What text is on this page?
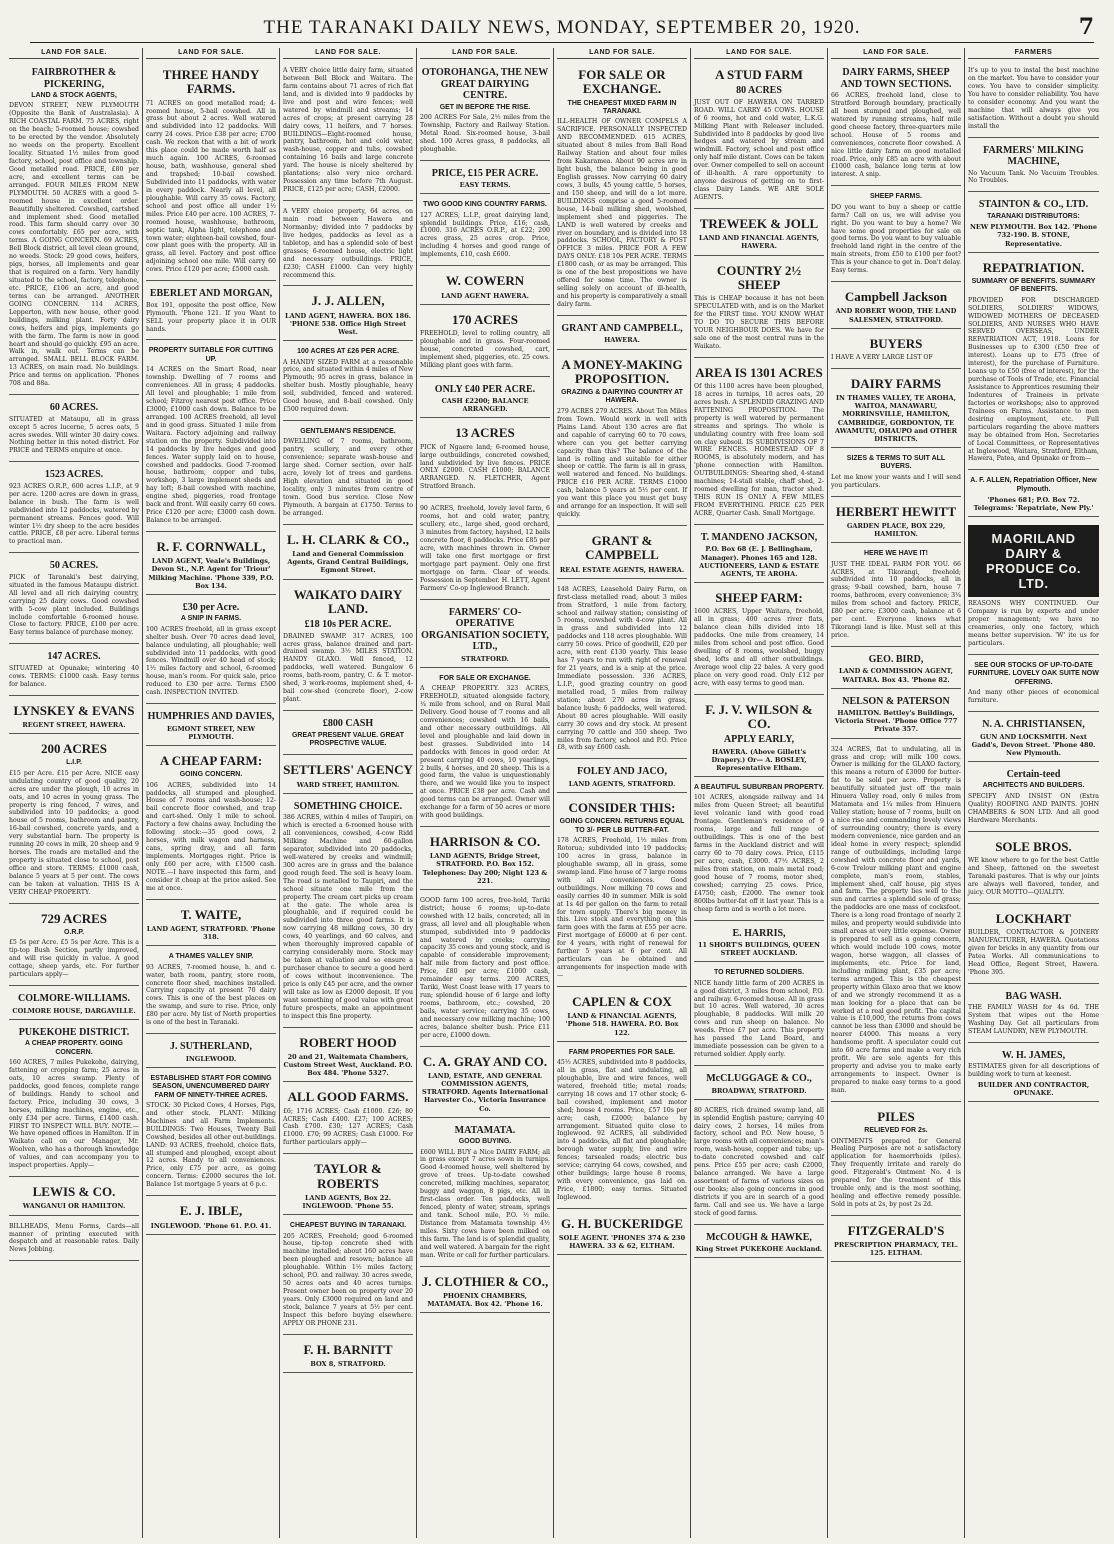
THE TARANAKI DAILY NEWS, MONDAY, SEPTEMBER 20, 1920.	7
LAND FOR SALE.
FAIRBROTHER & PICKERING,
LAND & STOCK AGENTS,
DEVON STREET, NEW PLYMOUTH (Opposite the Bank of Australasia). A RICH COASTAL FARM. 75 ACRES, right on the beach; 5-roomed house; cowshed to be erected by the vendor. Absolutely no weeds on the property. Excellent locality. Situated 1½ miles from good factory, school, post office and township. Good metalled road. PRICE, £80 per acre, and excellent terms can be arranged. FOUR MILES FROM NEW PLYMOUTH. 50 ACRES with a good 5-roomed house in excellent order. Beautifully sheltered. Cowshed, cartshed and implement shed. Good metalled road. This farm should carry over 30 cows comfortably. £65 per acre, with terms. A GOING CONCERN. 69 ACRES, Bell Block district, all level clean ground, no weeds. Stock: 29 good cows, heifers, pigs, horses, all implements and gear that is required on a farm. Very handily situated to the school, factory, telephone, etc. PRICE, £106 an acre, and good terms can be arranged. ANOTHER GOING CONCERN. 114 ACRES, Lepperton, with new house, other good buildings, milking plant. Forty dairy cows, heifers and pigs, implements go with the farm. The farm is now in good heart and should go quickly. £95 an acre. Walk in, walk out. Terms can be arranged. SMALL BELL BLOCK FARM. 13 ACRES, on main road. No buildings. Price and terms on application. 'Phones 708 and 88a.
60 ACRES.
SITUATED at Mataupu, all in grass except 5 acres lucerne, 5 acres oats, 5 acres swedes. Will winter 30 dairy cows. Nothing better in this noted district. For PRICE and TERMS enquire at once.
1523 ACRES.
923 ACRES O.R.P., 600 acres L.I.P., at 9 per acre. 1200 acres are down in grass, balance in bush. The farm is well subdivided into 12 paddocks, watered by permanent streams. Fences good. Will winter 1½ dry sheep to the acre besides cattle. PRICE, £8 per acre. Liberal terms to practical man.
50 ACRES.
PICK of Taranaki's best dairying, situated in the famous Mataupu district. All level and all rich dairying country, carrying 25 dairy cows. Good cowshed with 5-cow plant included. Buildings include comfortable 6-roomed house. Close to factory. PRICE, £100 per acre. Easy terms balance of purchase money.
147 ACRES.
SITUATED at Opunake; wintering 40 cows. TERMS: £1000 cash. Easy terms for balance.
LYNSKEY & EVANS
REGENT STREET, HAWERA.
200 ACRES
L.I.P.
£15 per Acre. £15 per Acre. NICE easy undulating country of good quality, 20 acres are under the plough, 10 acres in oats, and 10 acres in young grass. The property is ring fenced, 7 wires, and subdivided into 10 paddocks; a good house of 5 rooms, bathroom and pantry, 16-bail cowshed, concrete yards, and a very substantial barn. The property is running 20 cows in milk, 20 sheep and 9 horses. The roads are metalled and the property is situated close to school, post office and store. TERMS: £1000 cash, balance 5 years at 5 per cent. The cows can be taken at valuation. THIS IS A VERY CHEAP PROPERTY.
729 ACRES
O.R.P.
£5 5s per Acre. £5 5s per Acre. This is a tip-top Bush Section, partly improved, and will rise quickly in value. A good cottage, sheep yards, etc. For further particulars apply—
COLMORE-WILLIAMS.
COLMORE HOUSE, DARGAVILLE.
PUKEKOHE DISTRICT.
A CHEAP PROPERTY. GOING CONCERN.
160 ACRES, 7 miles Pukekohe, dairying, fattening or cropping farm; 25 acres in oats, 10 acres swamp. Plenty of paddocks, good fences, complete range of buildings. Handy to school and factory. Price, including 30 cows, 3 horses, milking machines, engine, etc., only £34 per acre. Terms, £1400 cash. FIRST TO INSPECT WILL BUY. NOTE.—We have opened offices in Hamilton. If in Waikato call on our Manager, Mr. Woolven, who has a thorough knowledge of values, and can accompany you to inspect properties. Apply—
LEWIS & CO.
WANGANUI OR HAMILTON.
BILLHEADS, Menu Forms, Cards—all manner of printing executed with despatch and at reasonable rates. Daily News Jobbing.
LAND FOR SALE.
THREE HANDY FARMS.
71 ACRES on good metalled road; 4-roomed house, 5-bail cowshed. All in grass but about 2 acres. Well watered and subdivided into 12 paddocks. Will carry 24 cows. Price £38 per acre; £700 cash. We reckon that with a bit of work this place could be made worth half as much again. 100 ACRES, 6-roomed house, bath, washhouse, general shed and trapshed; 10-bail cowshed. Subdivided into 11 paddocks, with water in every paddock. Nearly all level, all ploughable. Will carry 35 cows. Factory, school and post office all under 1½ miles. Price £40 per acre. 100 ACRES, 7-roomed house, washhouse, bathroom, septic tank, Alpha light, telephone and town water; eighteen-bail cowshed, four-cow plant goes with the property. All in grass, all level. Factory and post office adjoining school one mile. Will carry 60 cows. Price £120 per acre; £5000 cash.
EBERLET AND MORGAN,
Box 191, opposite the post office, New Plymouth. 'Phone 121. If you Want to SELL your property place it in OUR hands.
PROPERTY SUITABLE FOR CUTTING UP.
14 ACRES on the Smart Road, near township. Dwelling of 7 rooms and conveniences. All in grass; 4 paddocks. All level and ploughable; 1 mile from school; Fitzroy nearest post office. Price £3000; £1000 cash down. Balance to be arranged. 100 ACRES freehold, all level and in good grass. Situated 1 mile from Waitara. Factory adjoining and railway station on the property. Subdivided into 14 paddocks by live hedges and good fences. Water supply laid on to house, cowshed and paddocks. Good 7-roomed house, bathroom, copper and tubs, workshop, 3 large implement sheds and hay loft; 8-bail cowshed with machine, engine shed, piggeries, road frontage back and front. Will easily carry 60 cows. Price £120 per acre; £3000 cash down. Balance to be arranged.
R. F. CORNWALL,
LAND AGENT, Veale's Buildings, Devon St., N.P. Agent for 'Triour' Milking Machine. 'Phone 339, P.O. Box 134.
£30 per Acre.
A SNIP IN FARMS.
100 ACRES freehold, all in grass except shelter bush. Over 70 acres dead level, balance undulating, all ploughable; well subdivided into 11 paddocks, with good fences. Windmill over 40 head of stock; 1½ miles factory and school, 6-roomed house, man's room. For quick sale, price reduced to £30 per acre. Terms £500 cash. INSPECTION INVITED.
HUMPHRIES AND DAVIES,
EGMONT STREET, NEW PLYMOUTH.
A CHEAP FARM:
GOING CONCERN.
106 ACRES, subdivided into 14 paddocks, all stumped and ploughed. House of 7 rooms and wash-house; 12-bail concrete floor cowshed, and trap and cart-shed. Only 1 mile to school. Factory a few chains away. Including the following stock:—35 good cows, 2 horses, with milk wagon and harness, cans, spring dray, and all farm implements. Mortgages right. Price is only £60 per acre, with £1500 cash. NOTE.—I have inspected this farm, and consider it cheap at the price asked. See me at once.
T. WAITE,
LAND AGENT, STRATFORD. 'Phone 318.
A THAMES VALLEY SNIP.
93 ACRES, 7-roomed house, h. and c. water, bath room, pantry, store room, concrete floor shed, machines installed. Carrying capacity at present 70 dairy cows. This is one of the best places on the swamp, and sure to rise. Price, only £80 per acre. My list of North properties is one of the best in Taranaki.
J. SUTHERLAND,
INGLEWOOD.
ESTABLISHED START FOR COMING SEASON, UNENCUMBERED DAIRY FARM OF NINETY-THREE ACRES.
STOCK: 30 Picked Cows, 4 Horses, Pigs, and other stock. PLANT: Milking Machines and all Farm Implements. BUILDINGS: Two Houses, Twenty Bail Cowshed, besides all other out-buildings. LAND: 93 ACRES, freehold, choice flats, all stumped and ploughed, except about 12 acres. Handy to all conveniences. Price, only £75 per acre, as going concern. Terms: £2000 secures the lot. Balance 1st mortgage 5 years at 6 p.c.
E. J. IBLE,
INGLEWOOD. 'Phone 61. P.O. 41.
LAND FOR SALE.
A VERY choice little dairy farm, situated between Bell Block and Waitara. The farm contains about 71 acres of rich flat land, and is divided into 9 paddocks by live and post and wire fences; well watered by windmill and streams; 14 acres of crops; at present carrying 28 dairy cows, 11 heifers, and 7 horses. BUILDINGS—Eight-roomed house, pantry, bathroom, hot and cold water, wash-house, copper and tubs, cowshed containing 16 bails and large concrete yard. The house is nicely sheltered by plantations; also very nice orchard. Possession any time before 7th August. PRICE, £125 per acre; CASH, £2000.
A VERY choice property, 64 acres, on main road between Hawera and Normanby; divided into 7 paddocks by live hedges, paddocks as level as a tabletop, and has a splendid sole of best grasses; 6-roomed house, electric light and necessary outbuildings. PRICE, £230; CASH £1000. Can very highly recommend this.
J. J. ALLEN,
LAND AGENT, HAWERA. BOX 186. 'PHONE 538. Office High Street West.
100 ACRES AT £26 PER ACRE.
A HANDY SIZED FARM at a reasonable price, and situated within 4 miles of New Plymouth; 95 acres in grass, balance in shelter bush. Mostly ploughable, heavy soil, subdivided, fenced and watered. Good house, and 8-bail cowshed. Only £500 required down.
GENTLEMAN'S RESIDENCE.
DWELLING of 7 rooms, bathroom, pantry, scullery, and every other convenience; separate wash-house and large shed. Corner section, over half-acre, lovely lot of trees and gardens. High elevation and situated in good locality, only 3 minutes from centre of town. Good bus service. Close New Plymouth. A bargain at £1750. Terms to be arranged.
L. H. CLARK & CO.,
Land and General Commission Agents, Grand Central Buildings, Egmont Street.
WAIKATO DAIRY LAND.
£18 10s PER ACRE.
DRAINED SWAMP. 317 ACRES, 100 acres grass, balance drained and part-drained swamp. 3½ MILES STATION. HANDY GLAXO. Well fenced, 12 paddocks, well watered. Bungalow 6 rooms, bath-room, pantry, C. & T. motor-shed, 3 work-rooms, implement shed, 4-bail cow-shed (concrete floor), 2-cow plant.
£800 CASH
GREAT PRESENT VALUE. GREAT PROSPECTIVE VALUE.
SETTLERS' AGENCY
WARD STREET, HAMILTON.
SOMETHING CHOICE.
386 ACRES, within 4 miles of Taupiri, on which is erected a 6-roomed house with all conveniences, cowshed, 4-cow Ridd Milking Machine and 60-gallon separator, subdivided into 20 paddocks, well-watered by creeks and windmill; 300 acres are in grass and the balance good rough feed. The soil is heavy loam. The road is metalled to Taupiri, and the school situate one mile from the property. The cream cart picks up cream at the gate. The whole area is ploughable, and if required could be subdivided into three good farms. It is now carrying 48 milking cows, 30 dry cows, 40 yearlings, and 60 calves, and when thoroughly improved capable of carrying considerably more. Stock may be taken at valuation and so ensure a purchaser chance to secure a good herd of cows without inconvenience. The price is only £45 per acre, and the owner will take as low as £2000 deposit. If you want something of good value with great future prospects, make an appointment to inspect this fine property.
ROBERT HOOD
20 and 21, Waitemata Chambers, Custom Street West, Auckland. P.O. Box 484. 'Phone 5327.
ALL GOOD FARMS.
£6; 1716 ACRES; Cash £1000. £26; 80 ACRES; Cash £400. £27; 100 ACRES; Cash £700. £30; 127 ACRES; Cash £1000. £70; 99 ACRES; Cash £1000. For further particulars apply—
TAYLOR & ROBERTS
LAND AGENTS, Box 22. INGLEWOOD. 'Phone 55.
CHEAPEST BUYING IN TARANAKI.
205 ACRES, Freehold; good 6-roomed house, tip-top concrete shed with machine installed; about 160 acres have been ploughed and resown; balance all ploughable. Within 1½ miles factory, school, P.O. and railway. 30 acres swede, 50 acres oats and 40 acres turnips. Present owner been on property over 20 years. Only £3000 required on land and stock, balance 7 years at 5½ per cent. Inspect this before buying elsewhere. APPLY OR PHONE 231.
F. H. BARNITT
BOX 8, STRATFORD.
LAND FOR SALE.
OTOROHANGA, THE NEW GREAT DAIRYING CENTRE.
GET IN BEFORE THE RISE.
200 ACRES For Sale, 2½ miles from the Township, Factory and Railway Station. Metal Road. Six-roomed house, 3-bail shed. 100 Acres grass, 8 paddocks, all ploughable.
PRICE, £15 PER ACRE.
EASY TERMS.
TWO GOOD KING COUNTRY FARMS.
127 ACRES, L.I.P., great dairying land, splendid buildings. Price, £16; cash, £1000. 316 ACRES O.R.P., at £22; 200 acres grass, 25 acres crop. Price, including 4 horses and good range of implements, £10, cash £600.
W. COWERN
LAND AGENT HAWERA.
170 ACRES
FREEHOLD, level to rolling country, all ploughable and in grass. Four-roomed house, concreted cowshed, cart, implement shed, piggeries, etc. 25 cows. Milking plant goes with farm.
ONLY £40 PER ACRE.
CASH £2200; BALANCE ARRANGED.
13 ACRES
PICK of Ngaere land; 6-roomed house, large outbuildings, concreted cowshed, land subdivided by live fences. PRICE ONLY £2000. CASH £1000; BALANCE ARRANGED. N. FLETCHER, Agent Stratford Branch.
90 ACRES, freehold, lovely level farm, 6 rooms, hot and cold water, pantry, scullery, etc., large shed, good orchard, 3 minutes from factory, hayshed, 12 bails concrete floor, 8 paddocks. Price £85 per acre, with machines thrown in. Owner will take one first mortgage or first mortgage part payment. Only one first mortgage on farm. Clear of weeds. Possession in September. H. LETT, Agent Farmers' Co-op Inglewood Branch.
FARMERS' CO-OPERATIVE ORGANISATION SOCIETY, LTD.,
STRATFORD.
FOR SALE OR EXCHANGE.
A CHEAP PROPERTY. 323 ACRES, FREEHOLD, situated alongside factory, ¼ mile from school, and on Rural Mail Delivery. Good house of 7 rooms and all conveniences; cowshed with 16 bails, and other necessary outbuildings. All level and ploughable and laid down in best grasses. Subdivided into 14 paddocks with fences in good order. At present carrying 40 cows, 10 yearlings, 2 bulls, 4 horses, and 20 sheep. This is a good farm, the value is unquestionably there, and we would like you to inspect at once. PRICE £38 per acre. Cash and good terms can be arranged. Owner will exchange for a farm of 50 acres or more with good buildings.
HARRISON & CO.
LAND AGENTS, Bridge Street, STRATFORD. P.O. Box 152. Telephones: Day 200; Night 123 & 221.
GOOD farm 100 acres, free-hold, Tariki district; house 6 rooms; up-to-date cowshed with 12 bails, concreted; all in grass, all level and all ploughable when stumped, subdivided into 9 paddocks and watered by creeks; carrying capacity 35 cows and young stock, and is capable of considerable improvement; half mile from factory and post office. Price, £80 per acre; £1000 cash, remainder easy terms. 200 ACRES, Tariki, West Coast lease with 17 years to run; splendid house of 6 large and lofty rooms, bathroom, etc.; cowshed, 20 bails, water service; carrying 35 cows, and necessary cow milking machine; 100 acres, balance shelter bush. Price £11 per acre, £1000 down.
C. A. GRAY AND CO.
LAND, ESTATE, AND GENERAL COMMISSION AGENTS, STRATFORD. Agents International Harvester Co., Victoria Insurance Co.
MATAMATA.
GOOD BUYING.
£600 WILL BUY a Nice DAIRY FARM; all in grass except 7 acres sown in turnips. Good 4-roomed house, well sheltered by grove of trees. Up-to-date cowshed concreted, milking machines, separator, buggy and waggon, 8 pigs, etc. All in first-class order. Ten paddocks, well fenced, plenty of water, stream, springs and tank. School mile, P.O. ½ mile. Distance from Matamata township 4½ miles. Sixty cows have been milked on this farm. The land is of splendid quality, and well watered. A bargain for the right man. Write or call for further particulars.
J. CLOTHIER & CO.,
PHOENIX CHAMBERS, MATAMATA. Box 42. 'Phone 16.
LAND FOR SALE.
FOR SALE OR EXCHANGE.
THE CHEAPEST MIXED FARM IN TARANAKI.
ILL-HEALTH OF OWNER COMPELS A SACRIFICE. PERSONALLY INSPECTED AND RECOMMENDED. 615 ACRES, situated about 8 miles from Ball Road Railway Station and about four miles from Kakaramea. About 90 acres are in light bush, the balance being in good English grasses. Now carrying 60 dairy cows, 3 bulls, 45 young cattle, 5 horses, and 150 sheep, and will do a lot more. BUILDINGS comprise a good 5-roomed house, 14-bail milking shed, woolshed, implement shed and piggeries. The LAND is well watered by creeks and river on boundary, and is divided into 18 paddocks. SCHOOL, FACTORY & POST OFFICE 3 miles. PRICE FOR A FEW DAYS ONLY: £18 10s PER ACRE. TERMS £1800 cash, or as may be arranged. This is one of the best propositions we have offered for some time. The owner is selling solely on account of ill-health, and his property is comparatively a small dairy farm.
GRANT AND CAMPBELL,
HAWERA.
A MONEY-MAKING PROPOSITION.
GRAZING & DAIRYING COUNTRY AT HAWERA.
279 ACRES 279 ACRES. About Ten Miles from Town. Would work in well with Plains Land. About 130 acres are flat and capable of carrying 60 to 70 cows, where can you get better carrying capacity than this? The balance of the land is rolling and suitable for either sheep or cattle. The farm is all in grass, well watered and fenced. No buildings. PRICE £16 PER ACRE. TERMS £1000 cash, balance 5 years at 5½ per cent. If you want this place you must get busy and arrange for an inspection. It will sell quickly.
GRANT & CAMPBELL
REAL ESTATE AGENTS, HAWERA.
148 ACRES, Leasehold Dairy Farm, on first-class metalled road, about 3 miles from Stratford, 1 mile from factory, school and railway station; consisting of 5 rooms, cowshed with 4-cow plant. All in grass and subdivided into 12 paddocks and 118 acres ploughable. Will carry 50 cows. Price of goodwill, £20 per acre, with rent £130 yearly. This lease has 7 years to run with right of renewal for 21 years, and is a snip at the price. Immediate possession. 336 ACRES, L.I.P., good grazing country on good metalled road, 5 miles from railway station; about 270 acres in grass, balance bush; 6 paddocks, well watered. About 80 acres ploughable. Will easily carry 30 cows and dry stock. At present carrying 70 cattle and 350 sheep. Two miles from factory, school and P.O. Price £8, with say £600 cash.
FOLEY AND JACO,
LAND AGENTS, STRATFORD.
CONSIDER THIS:
GOING CONCERN. RETURNS EQUAL TO 3/- PER LB BUTTER-FAT.
178 ACRES, Freehold, 1½ miles from Rotorua; subdivided into 19 paddocks; 100 acres in grass, balance in ploughable swamp, all in grass, some swamp land. Fine house of 7 large rooms with all conveniences. Good outbuildings. Now milking 70 cows and easily carries 40 in summer. Milk is sold at 1s 4d per gallon on the farm to retail for town supply. There's big money in this. Live stock and everything on this farm goes with the farm at £55 per acre. First mortgage of £6000 at 6 per cent. for 4 years, with right of renewal for further 5 years at 6 per cent. All particulars can be obtained and arrangements for inspection made with—
CAPLEN & COX
LAND & FINANCIAL AGENTS, 'Phone 518. HAWERA. P.O. Box 122.
FARM PROPERTIES FOR SALE.
45½ ACRES, subdivided into 8 paddocks, all in grass, flat and undulating, all ploughable, live and wire fences, well watered, freehold title; metal roads; carrying 18 cows and 17 other stock; 6-bail cowshed, implement and motor shed; house 4 rooms. Price, £57 10s per acre; cash, £2000; balance by arrangement. Situated quite close to Inglewood. 92 ACRES, all subdivided into 4 paddocks, all flat and ploughable; borough water supply, live and wire fences; tarsealed roads; electric bus service; carrying 64 cows, cowshed, and other buildings; large house 8 rooms, with every convenience, gas laid on. Price, £1800; easy terms. Situated Inglewood.
G. H. BUCKERIDGE
SOLE AGENT. 'PHONES 374 & 230 HAWERA. 33 & 62, ELTHAM.
LAND FOR SALE.
A STUD FARM
80 ACRES
JUST OUT OF HAWERA ON TARRED ROAD. WILL CARRY 45 COWS. HOUSE of 6 rooms, hot and cold water, L.K.G. Milking Plant with Releaser included. Subdivided into 8 paddocks by good live hedges and watered by stream and windmill. Factory, school and post office only half mile distant. Cows can be taken over. Owner compelled to sell on account of ill-health. A rare opportunity to anyone desirous of getting on to first-class Dairy Lands. WE ARE SOLE AGENTS.
TREWEEK & JOLL
LAND AND FINANCIAL AGENTS, HAWERA.
COUNTRY 2½ SHEEP
This is CHEAP because it has not been SPECULATED with, and is on the Market for the FIRST time. YOU KNOW WHAT TO DO TO SECURE THIS BEFORE YOUR NEIGHBOUR DOES. We have for sale one of the most central runs in the Waikato.
AREA IS 1301 ACRES
Of this 1100 acres have been ploughed, 18 acres in turnips, 10 acres oats, 20 acres bush. A SPLENDID GRAZING AND FATTENING PROPOSITION. The property is well watered by permanent streams and springs. The whole is undulating country with free loam soil on clay subsoil. IS SUBDIVISIONS OF 7 WIRE FENCES. HOMESTEAD OF 8 ROOMS, is absolutely modern, and has 'phone connection with Hamilton. OUTBUILDINGS: Shearing shed, 4-stand machines; 14-stall stable, chaff shed, 2-roomed dwelling for man, tractor shed. THIS RUN IS ONLY A FEW MILES FROM EVERYTHING. PRICE £25 PER ACRE, Quarter Cash. Small Mortgage.
T. MANDENO JACKSON,
P.O. Box 68 (E. J. Bellingham, Manager). Phones 165 and 128. AUCTIONEERS, LAND & ESTATE AGENTS, TE AROHA.
SHEEP FARM:
1600 ACRES, Upper Waitara, freehold, all in grass; 400 acres river flats, balance clean hills divided into 18 paddocks. One mile from creamery, 14 miles from school and post office. Good dwelling of 8 rooms, woolshed, buggy shed, lofts and all other outbuildings. Average wool clip 22 bales. A very good place on very good road. Only £12 per acre, with easy terms to good man.
F. J. V. WILSON & CO.
APPLY EARLY,
HAWERA. (Above Gillett's Drapery.) Or— A. BOSLEY, Representative Eltham.
A BEAUTIFUL SUBURBAN PROPERTY.
101 ACRES, alongside railway and 14 miles from Queen Street; all beautiful level volcanic land with good road frontage. Gentleman's residence of 9 rooms, large and full range of outbuildings. This is one of the best farms in the Auckland district and will carry 60 to 70 dairy cows. Price, £115 per acre, cash, £3000. 47½ ACRES, 2 miles from station, on main metal road; good house of 7 rooms, motor shed, cowshed; carrying 25 cows. Price, £4750; cash, £2000. The owner took 800lbs butter-fat off it last year. This is a cheap farm and is worth a lot more.
E. HARRIS,
11 SHORT'S BUILDINGS, QUEEN STREET AUCKLAND.
TO RETURNED SOLDIERS.
NICE handy little farm of 200 ACRES in a good district, 3 miles from school, P.O. and railway. 6-roomed house. All in grass but 10 acres. Well watered, 30 acres ploughable, 8 paddocks. Will milk 20 cows and run sheep on balance. No weeds. Price £7 per acre. This property has passed the Land Board, and immediate possession can be given to a returned soldier. Apply early.
McCLUGGAGE & CO.,
BROADWAY, STRATFORD.
80 ACRES, rich drained swamp land, all in splendid English pasture; carrying 40 dairy cows, 2 horses, 14 miles from factory, school and P.O. New house, 5 large rooms with all conveniences; man's room, wash-house, copper and tubs; up-to-date concreted cowshed and calf pens. Price £55 per acre; cash £2000, balance arranged. We have a large assortment of farms of various sizes on our books; also going concerns in good districts if you are in search of a good farm. Call and see us. We have a large stock of good farms.
McCOUGH & HAWKE,
King Street PUKEKOHE Auckland.
LAND FOR SALE.
DAIRY FARMS, SHEEP AND TOWN SECTIONS.
66 ACRES, freehold land, close to Stratford Borough boundary, practically all been stumped and ploughed, well watered by running streams, half mile good cheese factory, three-quarters mile school. House of 5 rooms and conveniences, concrete floor cowshed. A nice little dairy farm on good metalled road. Price, only £85 an acre with about £1000 cash, balance long term at low interest. A snip.
SHEEP FARMS.
DO you want to buy a sheep or cattle farm? Call on us, we will advise you right. Do you want to buy a home? We have some good properties for sale on good terms. Do you want to buy valuable freehold land right in the centre of the main streets, from £50 to £100 per foot? This is your chance to get in. Don't delay. Easy terms.
Campbell Jackson
AND ROBERT WOOD, THE LAND SALESMEN, STRATFORD.
BUYERS
I HAVE A VERY LARGE LIST OF
DAIRY FARMS
IN THAMES VALLEY, TE AROHA, WAITOA, MANAWARU, MORRINSVILLE, HAMILTON, CAMBRIDGE, GORDONTON, TE AWAMUTU, OHAUPO and OTHER DISTRICTS.
SIZES & TERMS TO SUIT ALL BUYERS.
Let me know your wants and I will send you particulars.
HERBERT HEWITT
GARDEN PLACE, BOX 229, HAMILTON.
HERE WE HAVE IT!
JUST THE IDEAL FARM FOR YOU. 66 ACRES, at Tikorangi, freehold; subdivided into 10 paddocks, all in grass; 9-bail cowshed, barn, house 7 rooms, bathroom, every convenience; 3¼ miles from school and factory. PRICE, £80 per acre; £3000 cash, balance at 6 per cent. Everyone knows what Tikorangi land is like. Must sell at this price.
GEO. BIRD,
LAND & COMMISSION AGENT, WAITARA. Box 43. 'Phone 82.
NELSON & PATERSON
HAMILTON. Bettley's Buildings, Victoria Street. 'Phone Office 777 Private 357.
324 ACRES, flat to undulating, all in grass and crop; will milk 100 cows. Owner is milking for the GLAXO factory, this means a return of £3000 for butter-fat to be sold per acre. Property is beautifully situated just off the main Hinuera Valley road, only 6 miles from Matamata and 1¼ miles from Hinuera Valley station; house of 7 rooms, built on a nice rise and commanding lovely views of surrounding country; there is every modern convenience, nice garden and an ideal home in every respect; splendid range of outbuildings, including large cowshed with concrete floor and yards, 6-cow Trelour milking plant and engine complete, man's room, stables, implement shed, calf house, pig styes and farm. The property lies well to the sun and carries a splendid sole of grass; the paddocks are one mass of cocksfoot. There is a long road frontage of nearly 2 miles, and property would subdivide into small areas at very little expense. Owner is prepared to sell as a going concern, which would include 100 cows, motor wagon, horse waggon, all classes of implements, etc. Price for land, including milking plant, £35 per acre; terms arranged. This is the cheapest property within Glaxo area that we know of and we strongly recommend it as a man looking for a place that can be worked at a real good profit. The capital value is £10,000, the returns from cows cannot be less than £3000 and should be nearer £4000. This means a very handsome profit. A speculator could cut into 60 acre farms and make a very rich profit. We are sole agents for this property and advise you to make early arrangements to inspect. Owner is prepared to make easy terms to a good man.
PILES
RELIEVED FOR 2s.
OINTMENTS prepared for General Healing Purposes are not a satisfactory application for haemorrhoids (piles). They frequently irritate and rarely do good. Fitzgerald's Ointment No. 4 is prepared for the treatment of this trouble only, and is the most soothing, healing and effective remedy possible. Sold in pots at 2s, by post 2s 2d.
FITZGERALD'S
PRESCRIPTION PHARMACY, TEL. 125. ELTHAM.
FARMERS
It's up to you to instal the best machine on the market. You have to consider your cows. You have to consider simplicity. You have to consider reliability. You have to consider economy. And you want the machine that will always give you satisfaction. Without a doubt you should install the
FARMERS' MILKING MACHINE,
No Vacuum Tank. No Vacuum Troubles. No Troubles.
STAINTON & CO., LTD.
TARANAKI DISTRIBUTORS:
NEW PLYMOUTH. Box 142. 'Phone 732-190. B. STONE, Representative.
REPATRIATION.
SUMMARY OF BENEFITS. SUMMARY OF BENEFITS.
PROVIDED FOR DISCHARGED SOLDIERS, SOLDIERS' WIDOWS, WIDOWED MOTHERS OF DECEASED SOLDIERS, AND NURSES WHO HAVE SERVED OVERSEAS, UNDER REPATRIATION ACT, 1918. Loans for Businesses up to £300 (£50 free of interest). Loans up to £75 (free of interest), for the purchase of Furniture. Loans up to £50 (free of interest), for the purchase of Tools of Trade, etc. Financial Assistance to Apprentices resuming their Indentures of Trainees in private factories or workshops; also to approved Trainees on Farms. Assistance to men desiring employment, etc. Full particulars regarding the above matters may be obtained from Hon. Secretaries of Local Committees, or Representatives at Inglewood, Waitara, Stratford, Eltham, Hawera, Patea, and Opunake or from—
A. F. ALLEN, Repatriation Officer, New Plymouth.
'Phones 681; P.O. Box 72. Telegrams: 'Repatriate, New Ply.'
MAORILAND DAIRY & PRODUCE Co. LTD.
REASONS WHY CONTINUED. Our Company is run by experts and under proper management; we have no creameries, only one factory, which means better supervision. 'W' ite us for particulars.
SEE OUR STOCKS OF UP-TO-DATE FURNITURE. LOVELY OAK SUITE NOW OFFERING.
And many other pieces of economical furniture.
N. A. CHRISTIANSEN,
GUN AND LOCKSMITH. Next Gadd's, Devon Street. 'Phone 480. New Plymouth.
Certain-teed
ARCHITECTS AND BUILDERS.
SPECIFY AND INSIST ON (Extra Quality) ROOFING AND PAINTS. JOHN CHAMBERS & SON LTD. And all good Hardware Merchants.
SOLE BROS.
WE know where to go for the best Cattle and Sheep, fattened on the sweetest Taranaki pastures. That is why our joints are always well flavored, tender, and juicy. OUR MOTTO—QUALITY.
LOCKHART
BUILDER, CONTRACTOR & JOINERY MANUFACTURER, HAWERA. Quotations given for bricks in any quantity from our Patea Works. All communications to Head Office, Regent Street, Hawera. 'Phone 395.
BAG WASH.
THE FAMILY WASH for 4s 6d. THE System that wipes out the Home Washing Day. Get all particulars from STEAM LAUNDRY, NEW PLYMOUTH.
W. H. JAMES,
ESTIMATES given for all descriptions of building work to turn at keenest.
BUILDER AND CONTRACTOR, OPUNAKE.
